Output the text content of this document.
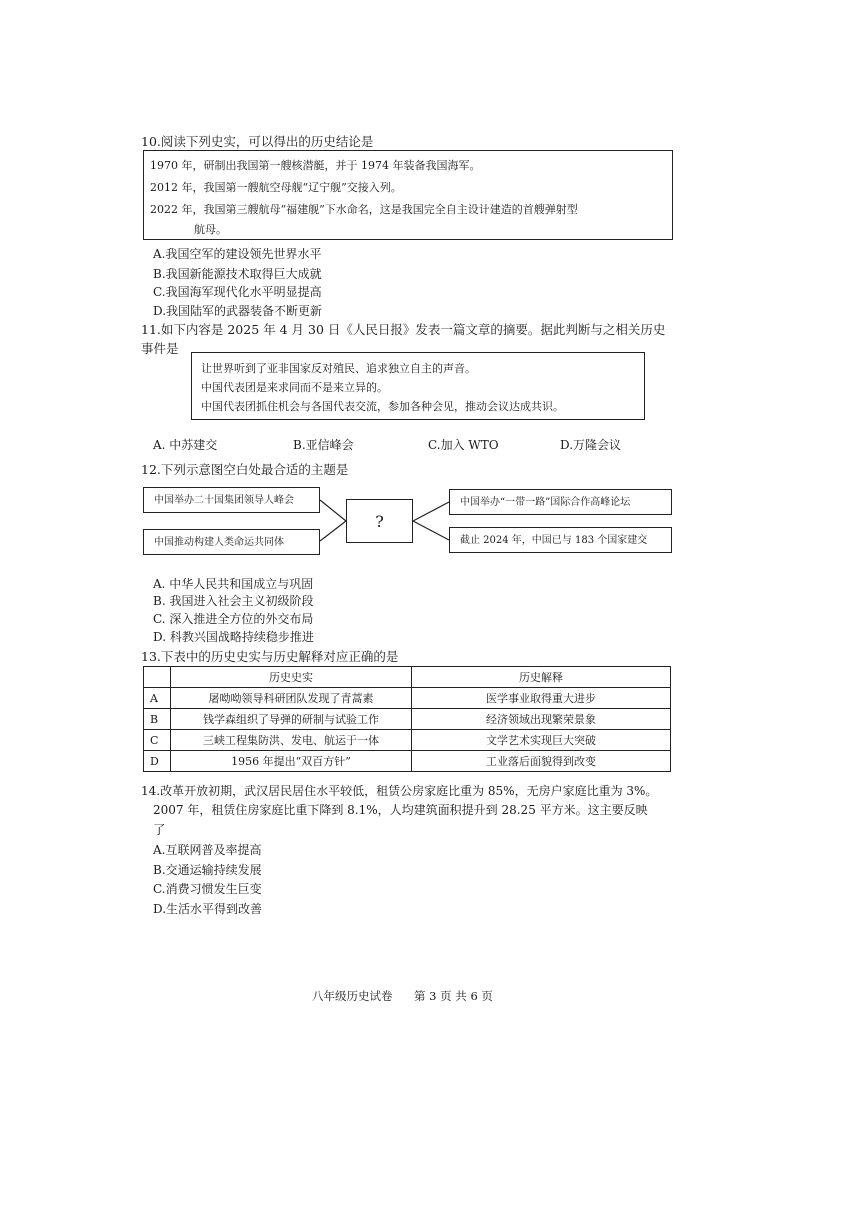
10.阅读下列史实，可以得出的历史结论是
1970 年，研制出我国第一艘核潜艇，并于 1974 年装备我国海军。
2012 年，我国第一艘航空母舰“辽宁舰”交接入列。
2022 年，我国第三艘航母“福建舰”下水命名，这是我国完全自主设计建造的首艘弹射型
航母。
A.我国空军的建设领先世界水平
B.我国新能源技术取得巨大成就
C.我国海军现代化水平明显提高
D.我国陆军的武器装备不断更新
11.如下内容是 2025 年 4 月 30 日《人民日报》发表一篇文章的摘要。据此判断与之相关历史
事件是
让世界听到了亚非国家反对殖民、追求独立自主的声音。
中国代表团是来求同而不是来立异的。
中国代表团抓住机会与各国代表交流，参加各种会见，推动会议达成共识。
A. 中苏建交	B.亚信峰会	C.加入 WTO	D.万隆会议
12.下列示意图空白处最合适的主题是
中国举办二十国集团领导人峰会
中国推动构建人类命运共同体
?
中国举办“一带一路”国际合作高峰论坛
截止 2024 年，中国已与 183 个国家建交
A. 中华人民共和国成立与巩固
B. 我国进入社会主义初级阶段
C. 深入推进全方位的外交布局
D. 科教兴国战略持续稳步推进
13.下表中的历史史实与历史解释对应正确的是
	历史史实	历史解释
A	屠呦呦领导科研团队发现了青蒿素	医学事业取得重大进步
B	钱学森组织了导弹的研制与试验工作	经济领域出现繁荣景象
C	三峡工程集防洪、发电、航运于一体	文学艺术实现巨大突破
D	1956 年提出“双百方针”	工业落后面貌得到改变
14.改革开放初期，武汉居民居住水平较低，租赁公房家庭比重为 85%，无房户家庭比重为 3%。
2007 年，租赁住房家庭比重下降到 8.1%，人均建筑面积提升到 28.25 平方米。这主要反映
了
A.互联网普及率提高
B.交通运输持续发展
C.消费习惯发生巨变
D.生活水平得到改善
八年级历史试卷 第 3 页 共 6 页
